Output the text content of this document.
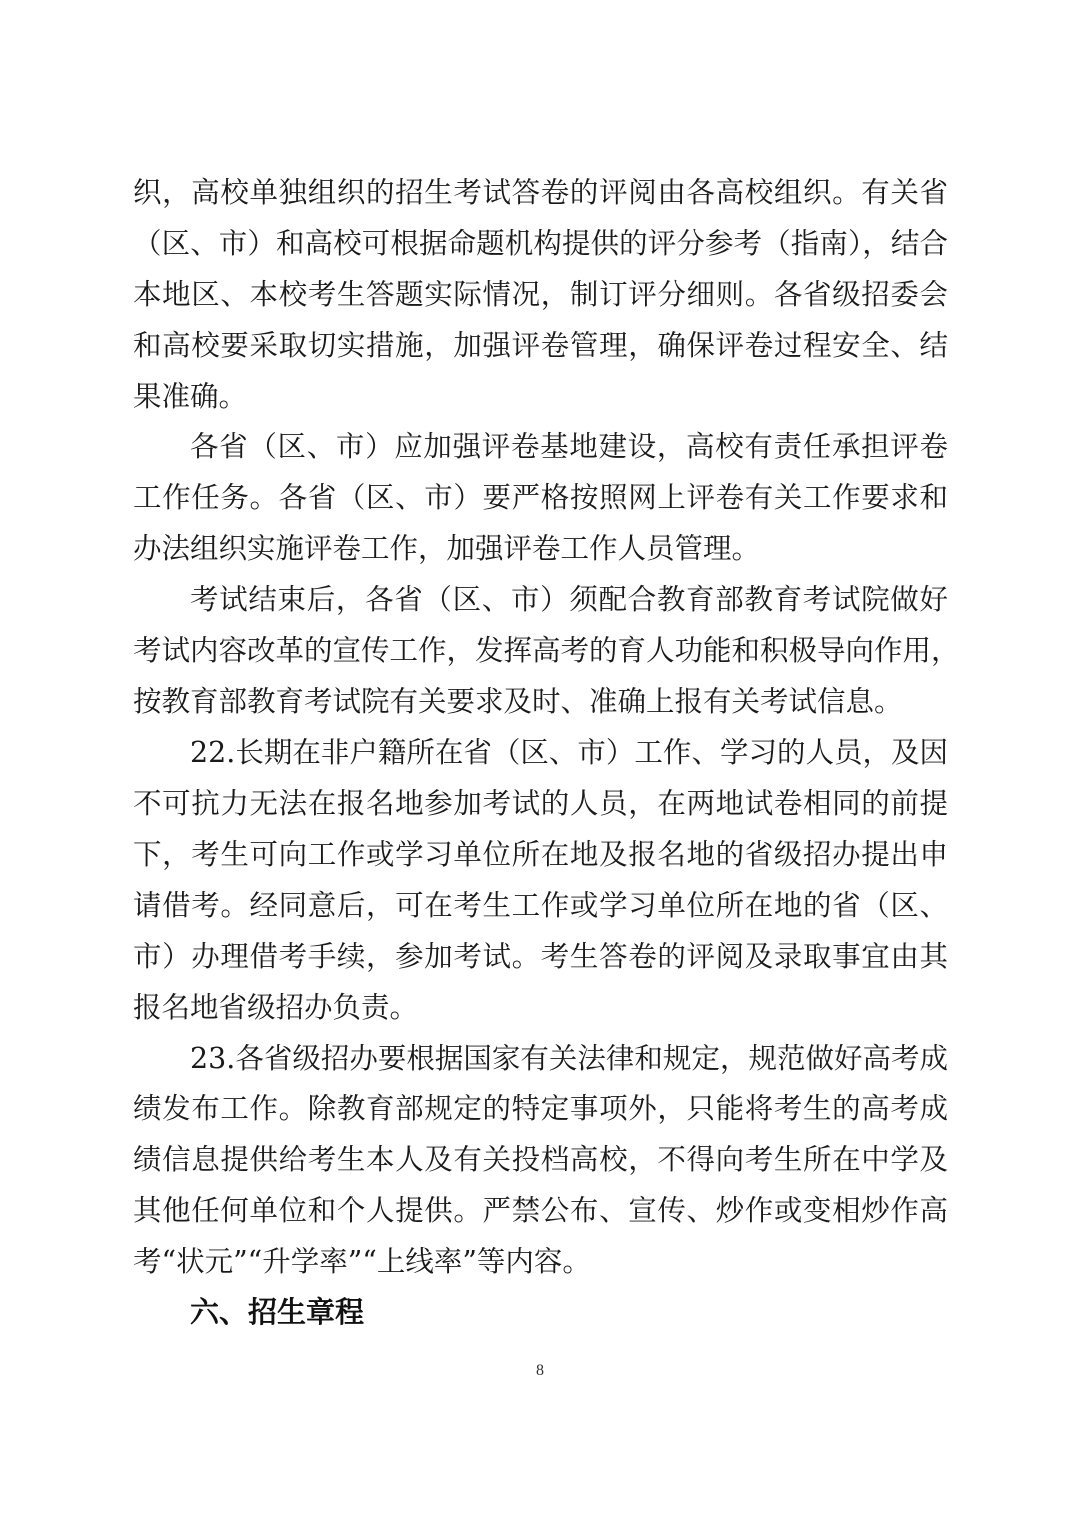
织，高校单独组织的招生考试答卷的评阅由各高校组织。有关省
（区、市）和高校可根据命题机构提供的评分参考（指南），结合
本地区、本校考生答题实际情况，制订评分细则。各省级招委会
和高校要采取切实措施，加强评卷管理，确保评卷过程安全、结
果准确。
各省（区、市）应加强评卷基地建设，高校有责任承担评卷
工作任务。各省（区、市）要严格按照网上评卷有关工作要求和
办法组织实施评卷工作，加强评卷工作人员管理。
考试结束后，各省（区、市）须配合教育部教育考试院做好
考试内容改革的宣传工作，发挥高考的育人功能和积极导向作用，
按教育部教育考试院有关要求及时、准确上报有关考试信息。
22.长期在非户籍所在省（区、市）工作、学习的人员，及因
不可抗力无法在报名地参加考试的人员，在两地试卷相同的前提
下，考生可向工作或学习单位所在地及报名地的省级招办提出申
请借考。经同意后，可在考生工作或学习单位所在地的省（区、
市）办理借考手续，参加考试。考生答卷的评阅及录取事宜由其
报名地省级招办负责。
23.各省级招办要根据国家有关法律和规定，规范做好高考成
绩发布工作。除教育部规定的特定事项外，只能将考生的高考成
绩信息提供给考生本人及有关投档高校，不得向考生所在中学及
其他任何单位和个人提供。严禁公布、宣传、炒作或变相炒作高
考“状元”“升学率”“上线率”等内容。
六、招生章程
8
